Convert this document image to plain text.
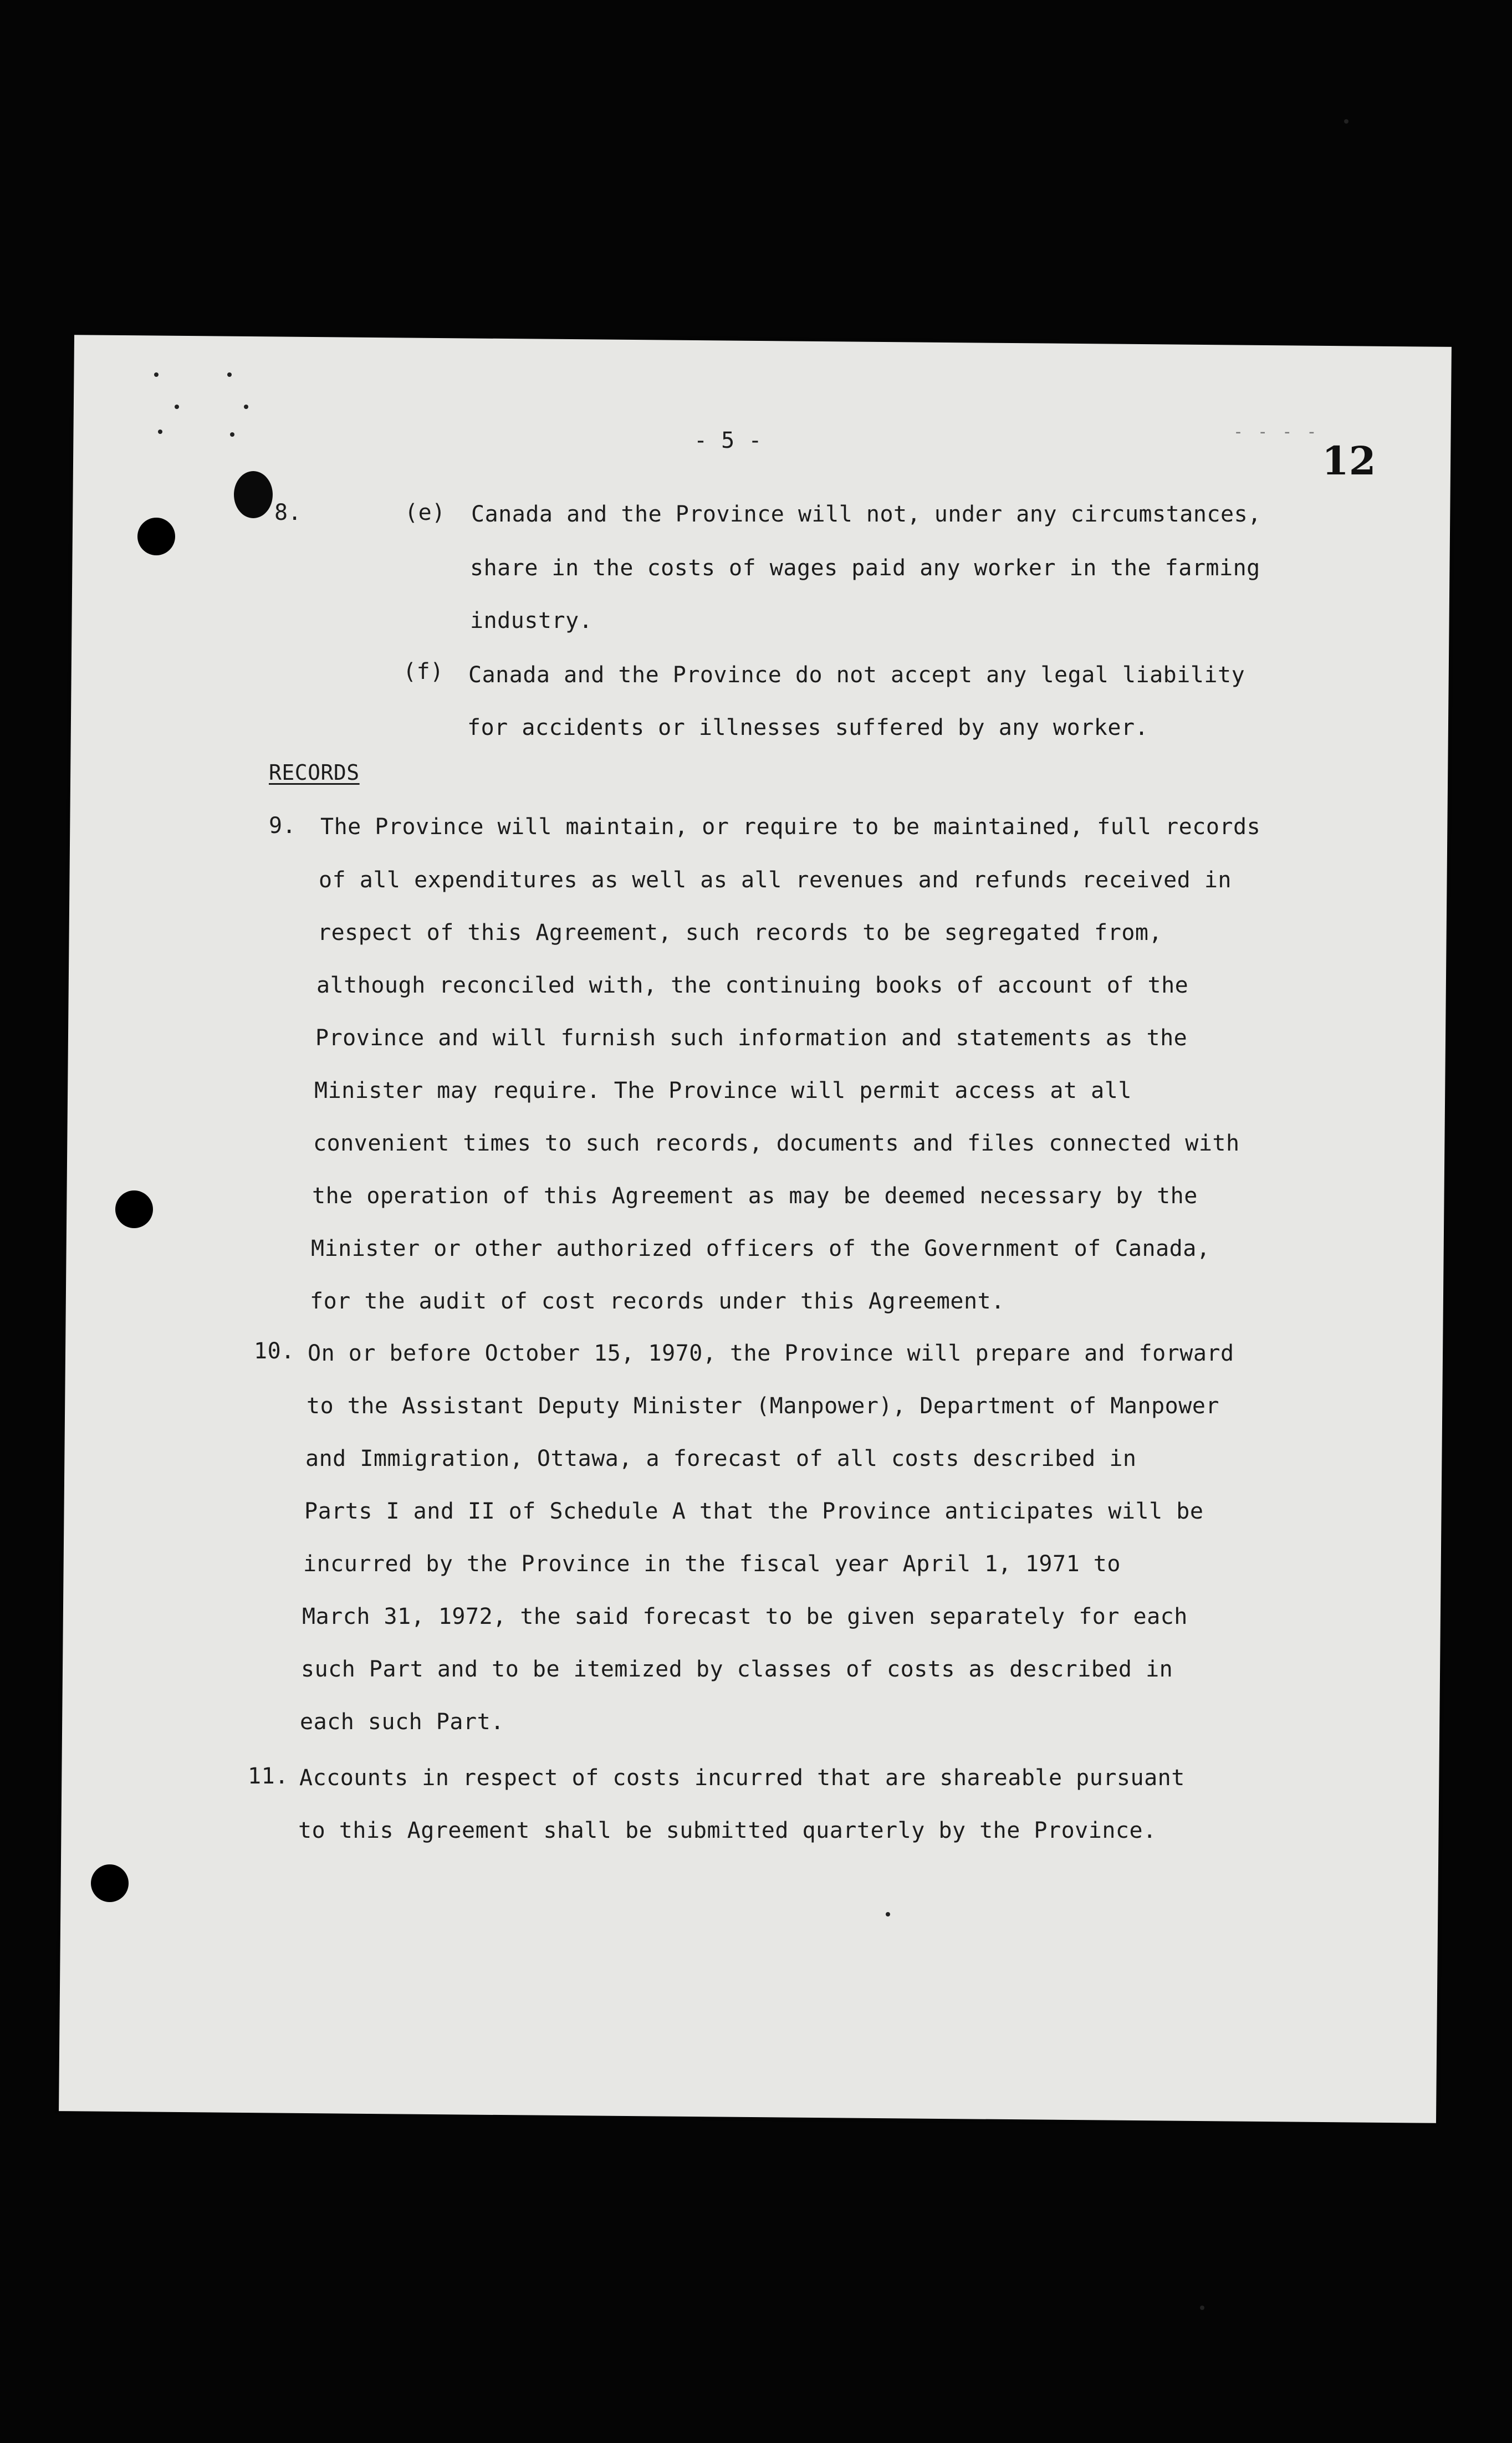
- - - -
- 5 -	12
8.	(e) Canada and the Province will not, under any circumstances,
share in the costs of wages paid any worker in the farming
industry.
(f) Canada and the Province do not accept any legal liability
for accidents or illnesses suffered by any worker.
RECORDS
9. The Province will maintain, or require to be maintained, full records
of all expenditures as well as all revenues and refunds received in
respect of this Agreement, such records to be segregated from,
although reconciled with, the continuing books of account of the
Province and will furnish such information and statements as the
Minister may require. The Province will permit access at all
convenient times to such records, documents and files connected with
the operation of this Agreement as may be deemed necessary by the
Minister or other authorized officers of the Government of Canada,
for the audit of cost records under this Agreement.
10. On or before October 15, 1970, the Province will prepare and forward
to the Assistant Deputy Minister (Manpower), Department of Manpower
and Immigration, Ottawa, a forecast of all costs described in
Parts I and II of Schedule A that the Province anticipates will be
incurred by the Province in the fiscal year April 1, 1971 to
March 31, 1972, the said forecast to be given separately for each
such Part and to be itemized by classes of costs as described in
each such Part.
11. Accounts in respect of costs incurred that are shareable pursuant
to this Agreement shall be submitted quarterly by the Province.
